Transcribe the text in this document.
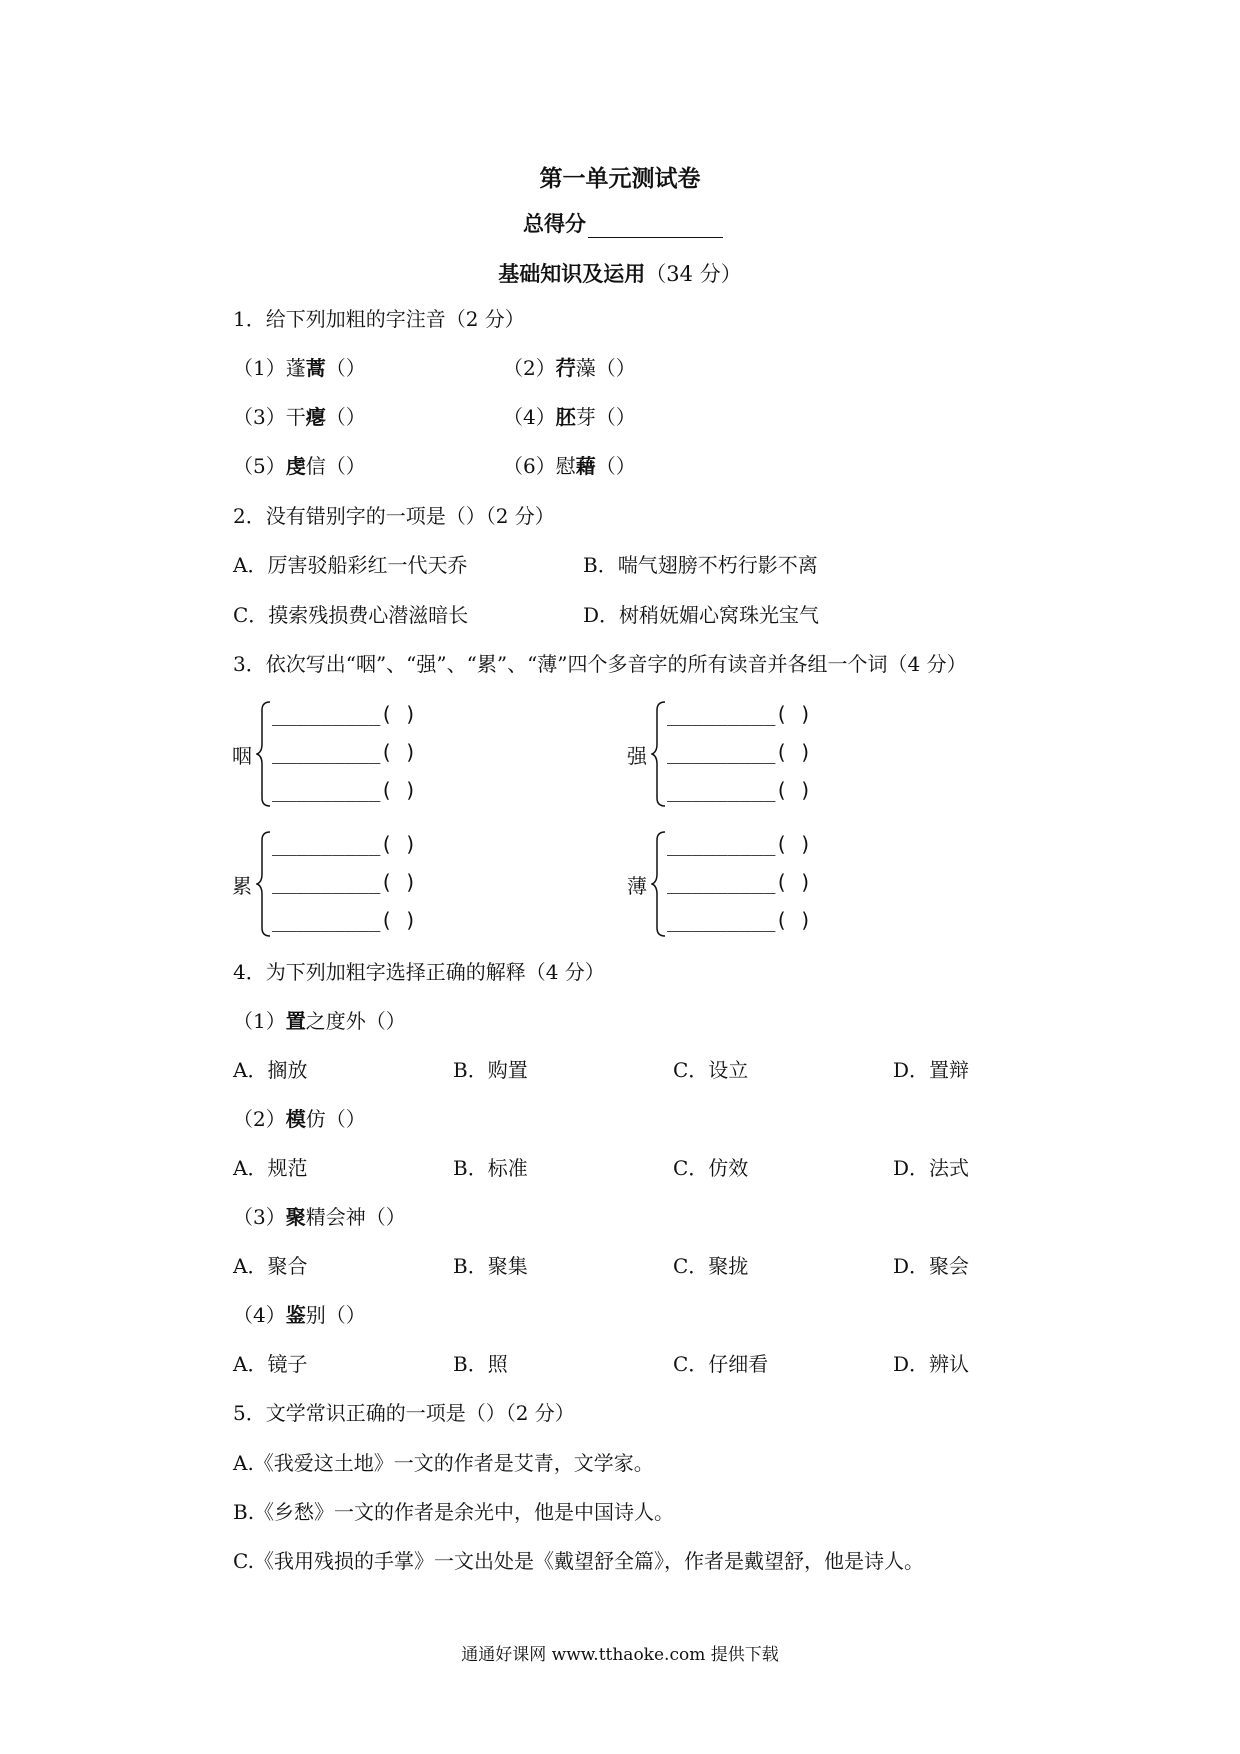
第一单元测试卷
总得分
基础知识及运用（34 分）
1．给下列加粗的字注音（2 分）
（1）蓬蒿（）	（2）荇藻（）
（3）干瘪（）	（4）胚芽（）
（5）虔信（）	（6）慰藉（）
2．没有错别字的一项是（）（2 分）
A．厉害驳船彩红一代天乔	B．喘气翅膀不朽行影不离
C．摸索残损费心潜滋暗长	D．树稍妩媚心窝珠光宝气
3．依次写出“咽”、“强”、“累”、“薄”四个多音字的所有读音并各组一个词（4 分）
咽
_________( )
_________( )
_________( )
强
_________( )
_________( )
_________( )
累
_________( )
_________( )
_________( )
薄
_________( )
_________( )
_________( )
4．为下列加粗字选择正确的解释（4 分）
（1）置之度外（）
A．搁放	B．购置	C．设立	D．置辩
（2）模仿（）
A．规范	B．标准	C．仿效	D．法式
（3）聚精会神（）
A．聚合	B．聚集	C．聚拢	D．聚会
（4）鉴别（）
A．镜子	B．照	C．仔细看	D．辨认
5．文学常识正确的一项是（）（2 分）
A.《我爱这土地》一文的作者是艾青，文学家。
B.《乡愁》一文的作者是余光中，他是中国诗人。
C.《我用残损的手掌》一文出处是《戴望舒全篇》，作者是戴望舒，他是诗人。
通通好课网 www.tthaoke.com 提供下载
